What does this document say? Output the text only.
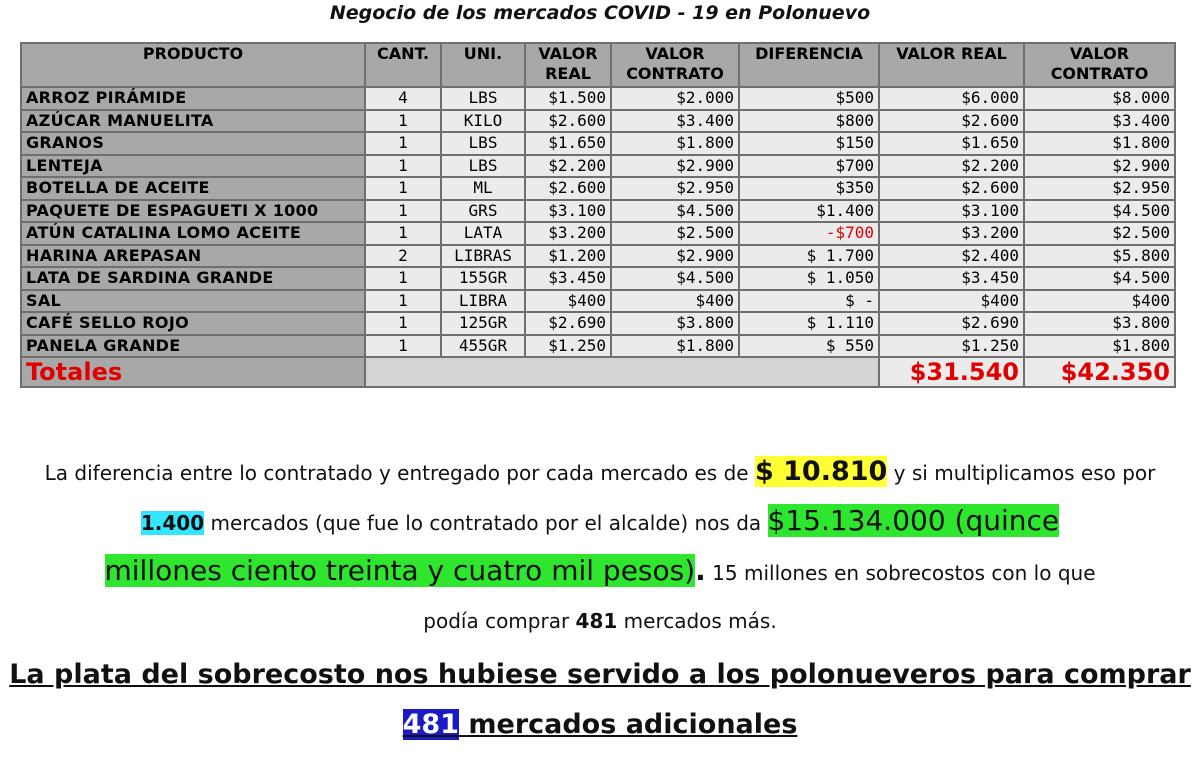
Negocio de los mercados COVID - 19 en Polonuevo
PRODUCTO	CANT.	UNI.	VALOR REAL	VALOR CONTRATO	DIFERENCIA	VALOR REAL	VALOR CONTRATO
ARROZ PIRÁMIDE	4	LBS	$1.500	$2.000	$500	$6.000	$8.000
AZÚCAR MANUELITA	1	KILO	$2.600	$3.400	$800	$2.600	$3.400
GRANOS	1	LBS	$1.650	$1.800	$150	$1.650	$1.800
LENTEJA	1	LBS	$2.200	$2.900	$700	$2.200	$2.900
BOTELLA DE ACEITE	1	ML	$2.600	$2.950	$350	$2.600	$2.950
PAQUETE DE ESPAGUETI X 1000	1	GRS	$3.100	$4.500	$1.400	$3.100	$4.500
ATÚN CATALINA LOMO ACEITE	1	LATA	$3.200	$2.500	-$700	$3.200	$2.500
HARINA AREPASAN	2	LIBRAS	$1.200	$2.900	$ 1.700	$2.400	$5.800
LATA DE SARDINA GRANDE	1	155GR	$3.450	$4.500	$ 1.050	$3.450	$4.500
SAL	1	LIBRA	$400	$400	$ -	$400	$400
CAFÉ SELLO ROJO	1	125GR	$2.690	$3.800	$ 1.110	$2.690	$3.800
PANELA GRANDE	1	455GR	$1.250	$1.800	$ 550	$1.250	$1.800
Totales						$31.540	$42.350
La diferencia entre lo contratado y entregado por cada mercado es de $ 10.810 y si multiplicamos eso por 1.400 mercados (que fue lo contratado por el alcalde) nos da $15.134.000 (quince
millones ciento treinta y cuatro mil pesos). 15 millones en sobrecostos con lo que
podía comprar 481 mercados más.
La plata del sobrecosto nos hubiese servido a los polonueveros para comprar
481 mercados adicionales
